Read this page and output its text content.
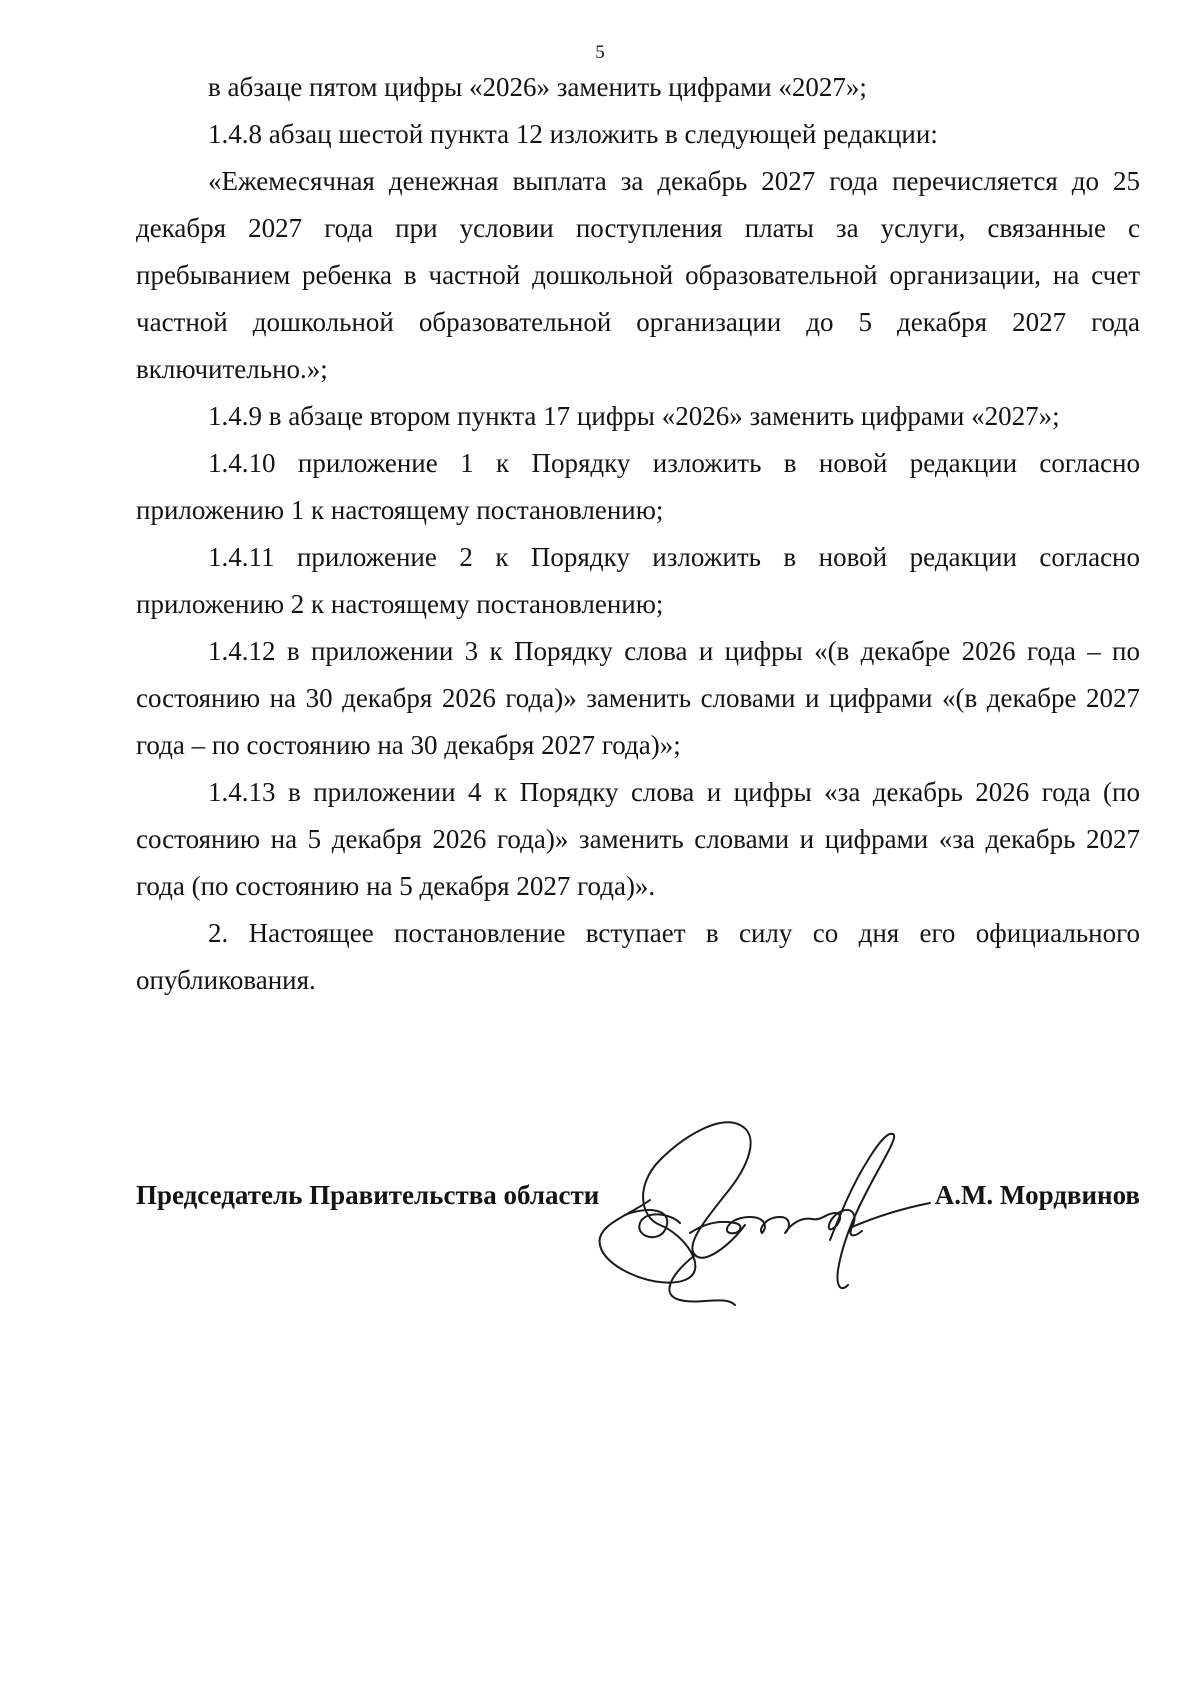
5

в абзаце пятом цифры «2026» заменить цифрами «2027»;

1.4.8 абзац шестой пункта 12 изложить в следующей редакции:

«Ежемесячная денежная выплата за декабрь 2027 года перечисляется до 25 декабря 2027 года при условии поступления платы за услуги, связанные с пребыванием ребенка в частной дошкольной образовательной организации, на счет частной дошкольной образовательной организации до 5 декабря 2027 года включительно.»;

1.4.9 в абзаце втором пункта 17 цифры «2026» заменить цифрами «2027»;

1.4.10 приложение 1 к Порядку изложить в новой редакции согласно приложению 1 к настоящему постановлению;

1.4.11 приложение 2 к Порядку изложить в новой редакции согласно приложению 2 к настоящему постановлению;

1.4.12 в приложении 3 к Порядку слова и цифры «(в декабре 2026 года – по состоянию на 30 декабря 2026 года)» заменить словами и цифрами «(в декабре 2027 года – по состоянию на 30 декабря 2027 года)»;

1.4.13 в приложении 4 к Порядку слова и цифры «за декабрь 2026 года (по состоянию на 5 декабря 2026 года)» заменить словами и цифрами «за декабрь 2027 года (по состоянию на 5 декабря 2027 года)».

2. Настоящее постановление вступает в силу со дня его официального опубликования.

Председатель Правительства области	А.М. Мордвинов
